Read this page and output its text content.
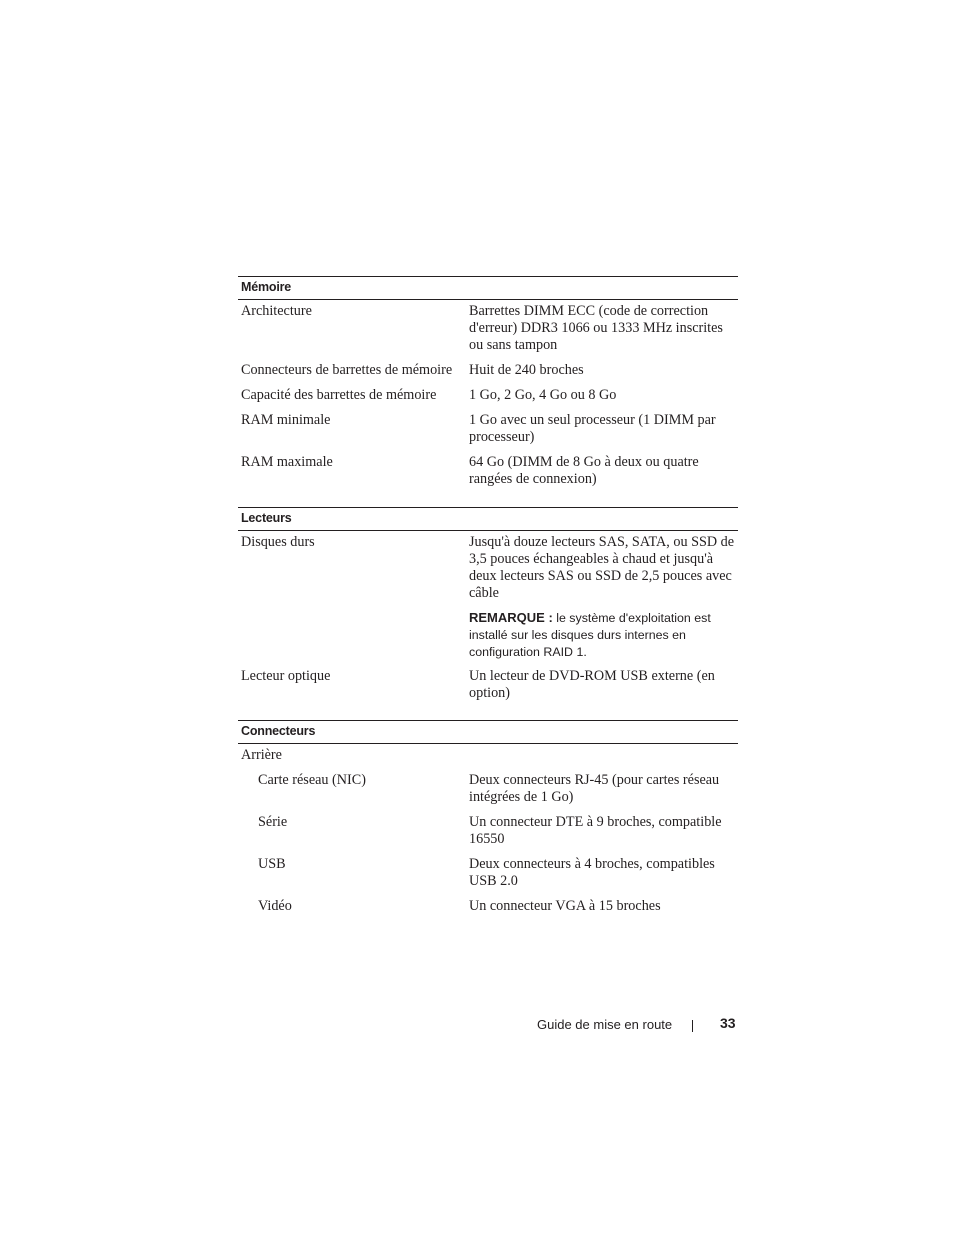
Mémoire
Architecture	Barrettes DIMM ECC (code de correction d'erreur) DDR3 1066 ou 1333 MHz inscrites ou sans tampon
Connecteurs de barrettes de mémoire	Huit de 240 broches
Capacité des barrettes de mémoire	1 Go, 2 Go, 4 Go ou 8 Go
RAM minimale	1 Go avec un seul processeur (1 DIMM par processeur)
RAM maximale	64 Go (DIMM de 8 Go à deux ou quatre rangées de connexion)
Lecteurs
Disques durs	Jusqu'à douze lecteurs SAS, SATA, ou SSD de 3,5 pouces échangeables à chaud et jusqu'à deux lecteurs SAS ou SSD de 2,5 pouces avec câble
REMARQUE : le système d'exploitation est installé sur les disques durs internes en configuration RAID 1.
Lecteur optique	Un lecteur de DVD-ROM USB externe (en option)
Connecteurs
Arrière
Carte réseau (NIC)	Deux connecteurs RJ-45 (pour cartes réseau intégrées de 1 Go)
Série	Un connecteur DTE à 9 broches, compatible 16550
USB	Deux connecteurs à 4 broches, compatibles USB 2.0
Vidéo	Un connecteur VGA à 15 broches
Guide de mise en route	33
